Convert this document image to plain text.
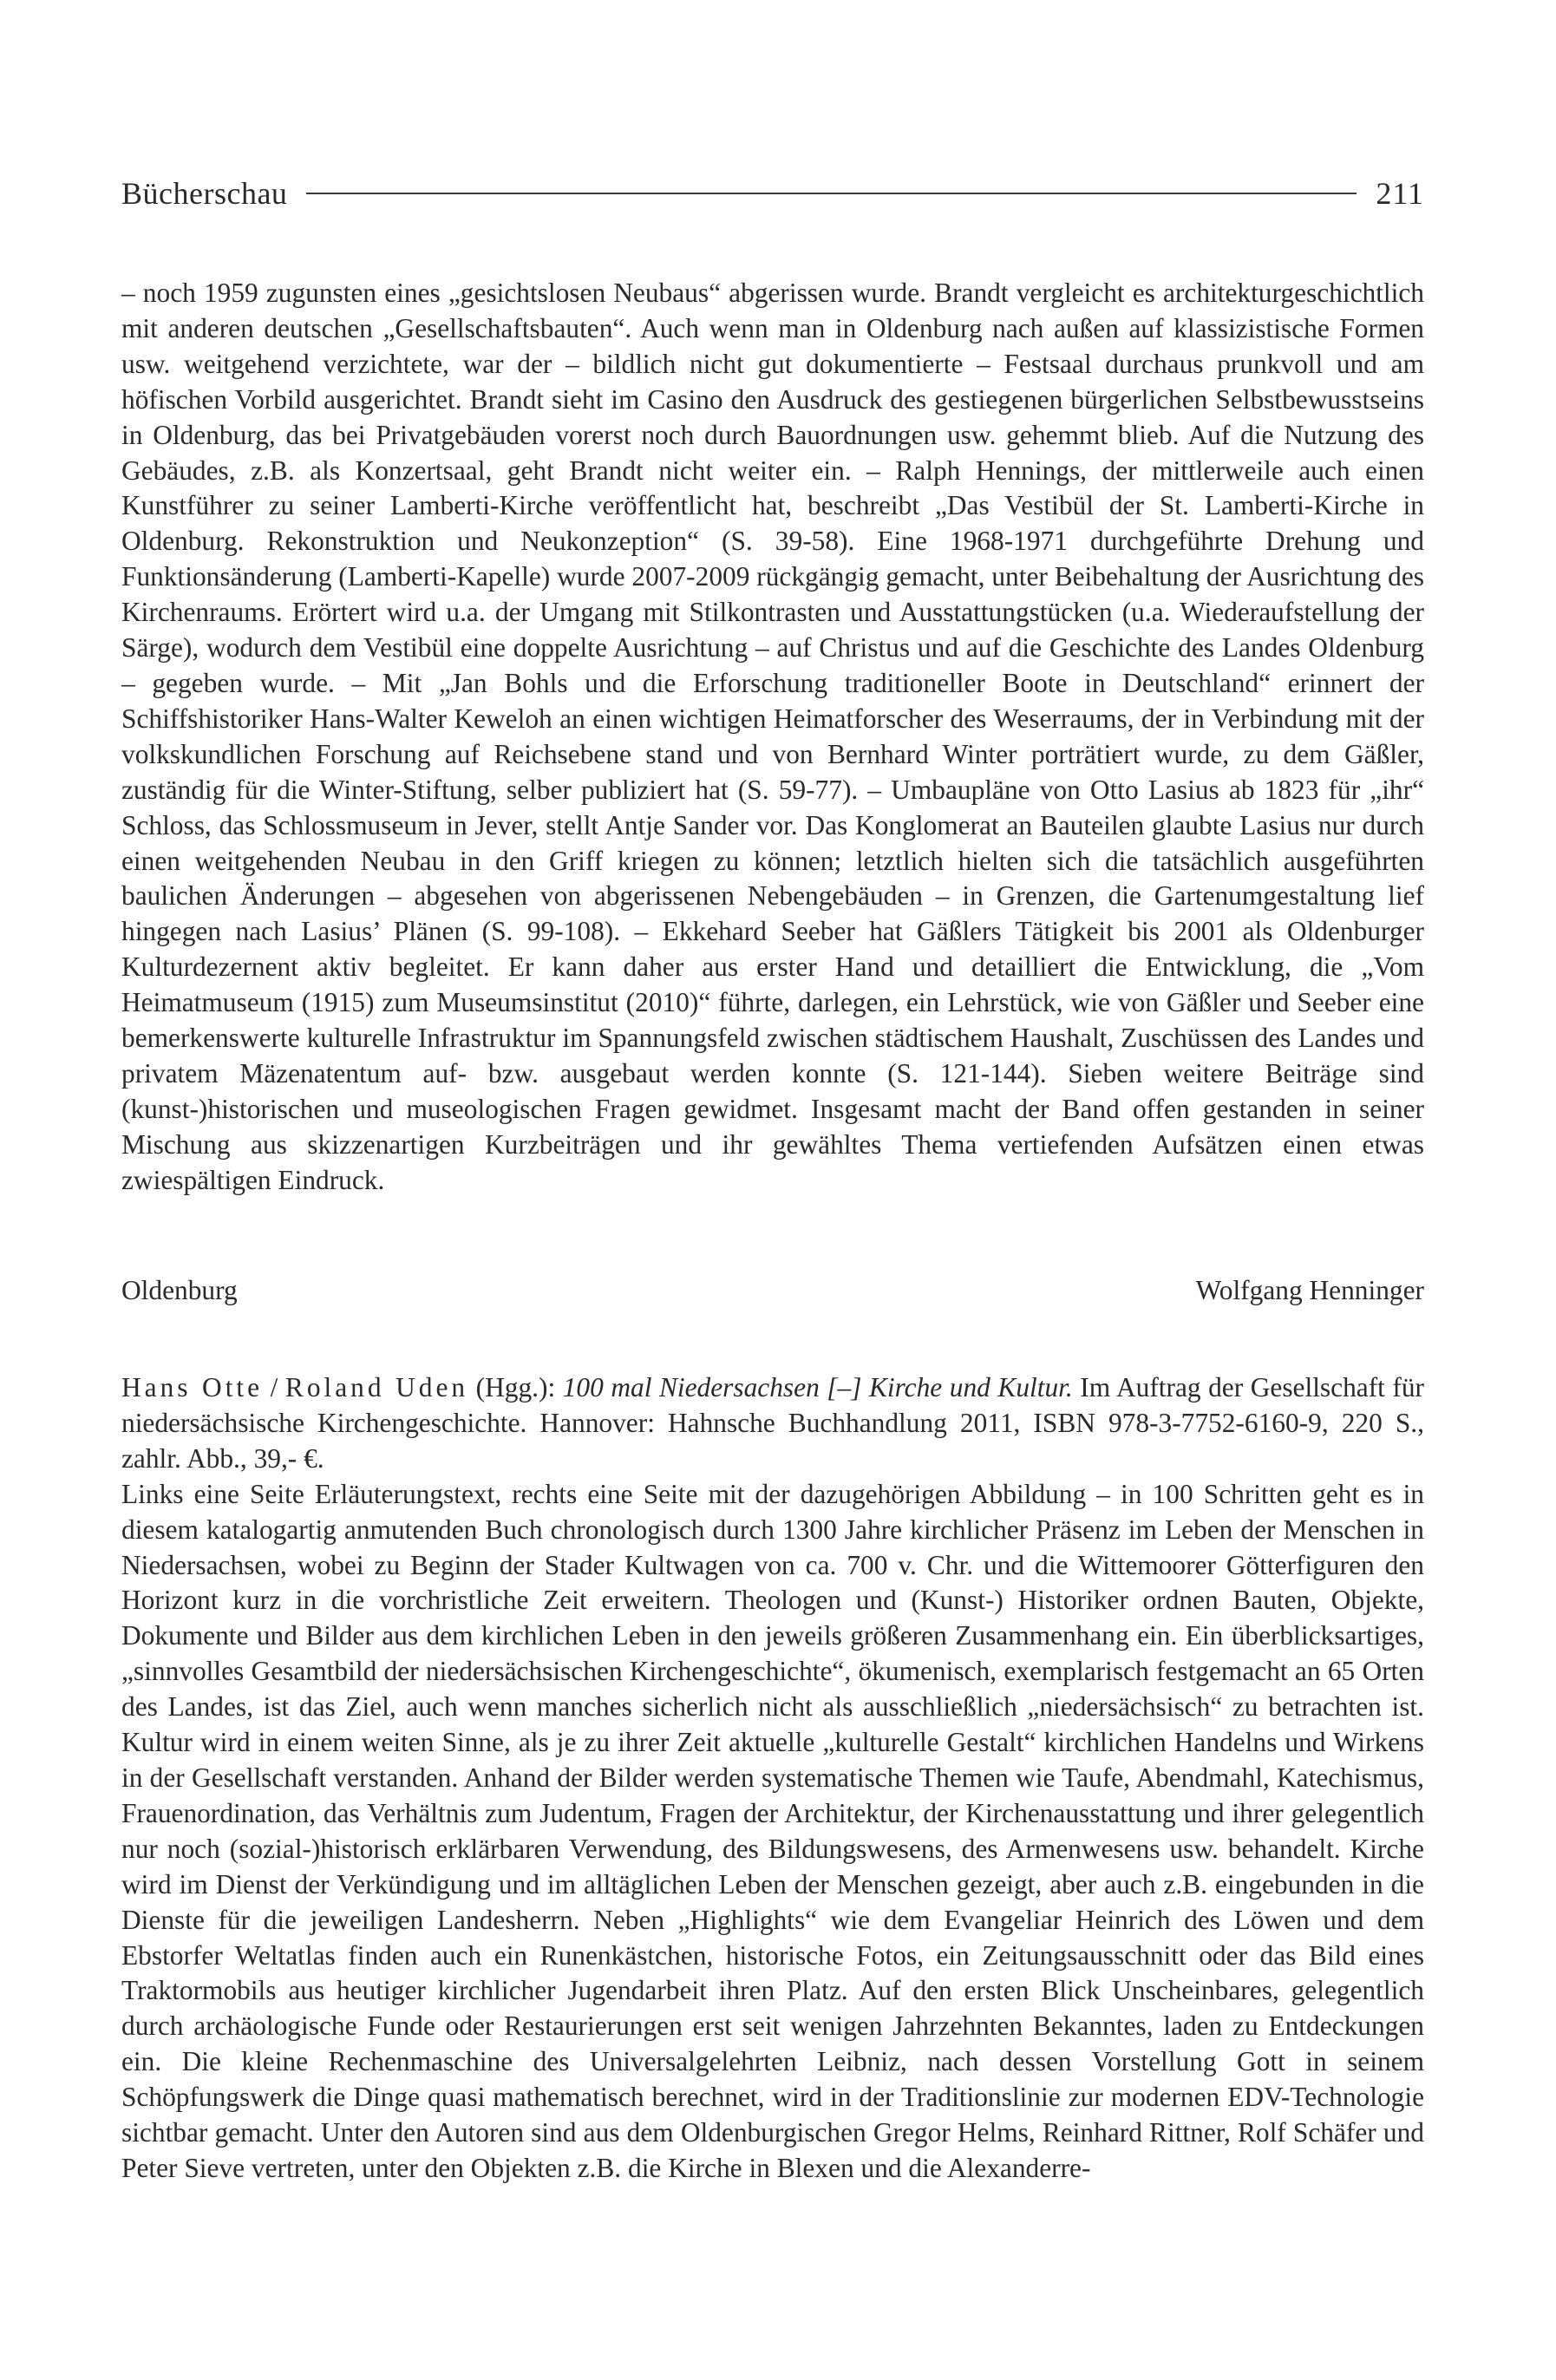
Bücherschau	211

– noch 1959 zugunsten eines „gesichtslosen Neubaus“ abgerissen wurde. Brandt vergleicht es architekturgeschichtlich mit anderen deutschen „Gesellschaftsbauten“. Auch wenn man in Oldenburg nach außen auf klassizistische Formen usw. weitgehend verzichtete, war der – bildlich nicht gut dokumentierte – Festsaal durchaus prunkvoll und am höfischen Vorbild ausgerichtet. Brandt sieht im Casino den Ausdruck des gestiegenen bürgerlichen Selbstbewusstseins in Oldenburg, das bei Privatgebäuden vorerst noch durch Bauordnungen usw. gehemmt blieb. Auf die Nutzung des Gebäudes, z.B. als Konzertsaal, geht Brandt nicht weiter ein. – Ralph Hennings, der mittlerweile auch einen Kunstführer zu seiner Lamberti-Kirche veröffentlicht hat, beschreibt „Das Vestibül der St. Lamberti-Kirche in Oldenburg. Rekonstruktion und Neukonzeption“ (S. 39-58). Eine 1968-1971 durchgeführte Drehung und Funktionsänderung (Lamberti-Kapelle) wurde 2007-2009 rückgängig gemacht, unter Beibehaltung der Ausrichtung des Kirchenraums. Erörtert wird u.a. der Umgang mit Stilkontrasten und Ausstattungstücken (u.a. Wiederaufstellung der Särge), wodurch dem Vestibül eine doppelte Ausrichtung – auf Christus und auf die Geschichte des Landes Oldenburg – gegeben wurde. – Mit „Jan Bohls und die Erforschung traditioneller Boote in Deutschland“ erinnert der Schiffshistoriker Hans-Walter Keweloh an einen wichtigen Heimatforscher des Weserraums, der in Verbindung mit der volkskundlichen Forschung auf Reichsebene stand und von Bernhard Winter porträtiert wurde, zu dem Gäßler, zuständig für die Winter-Stiftung, selber publiziert hat (S. 59-77). – Umbaupläne von Otto Lasius ab 1823 für „ihr“ Schloss, das Schlossmuseum in Jever, stellt Antje Sander vor. Das Konglomerat an Bauteilen glaubte Lasius nur durch einen weitgehenden Neubau in den Griff kriegen zu können; letztlich hielten sich die tatsächlich ausgeführten baulichen Änderungen – abgesehen von abgerissenen Nebengebäuden – in Grenzen, die Gartenumgestaltung lief hingegen nach Lasius’ Plänen (S. 99-108). – Ekkehard Seeber hat Gäßlers Tätigkeit bis 2001 als Oldenburger Kulturdezernent aktiv begleitet. Er kann daher aus erster Hand und detailliert die Entwicklung, die „Vom Heimatmuseum (1915) zum Museumsinstitut (2010)“ führte, darlegen, ein Lehrstück, wie von Gäßler und Seeber eine bemerkenswerte kulturelle Infrastruktur im Spannungsfeld zwischen städtischem Haushalt, Zuschüssen des Landes und privatem Mäzenatentum auf- bzw. ausgebaut werden konnte (S. 121-144). Sieben weitere Beiträge sind (kunst-)historischen und museologischen Fragen gewidmet. Insgesamt macht der Band offen gestanden in seiner Mischung aus skizzenartigen Kurzbeiträgen und ihr gewähltes Thema vertiefenden Aufsätzen einen etwas zwiespältigen Eindruck.

Oldenburg	Wolfgang Henninger

Hans Otte / Roland Uden (Hgg.): 100 mal Niedersachsen [–] Kirche und Kultur. Im Auftrag der Gesellschaft für niedersächsische Kirchengeschichte. Hannover: Hahnsche Buchhandlung 2011, ISBN 978-3-7752-6160-9, 220 S., zahlr. Abb., 39,- €.

Links eine Seite Erläuterungstext, rechts eine Seite mit der dazugehörigen Abbildung – in 100 Schritten geht es in diesem katalogartig anmutenden Buch chronologisch durch 1300 Jahre kirchlicher Präsenz im Leben der Menschen in Niedersachsen, wobei zu Beginn der Stader Kultwagen von ca. 700 v. Chr. und die Wittemoorer Götterfiguren den Horizont kurz in die vorchristliche Zeit erweitern. Theologen und (Kunst-) Historiker ordnen Bauten, Objekte, Dokumente und Bilder aus dem kirchlichen Leben in den jeweils größeren Zusammenhang ein. Ein überblicksartiges, „sinnvolles Gesamtbild der niedersächsischen Kirchengeschichte“, ökumenisch, exemplarisch festgemacht an 65 Orten des Landes, ist das Ziel, auch wenn manches sicherlich nicht als ausschließlich „niedersächsisch“ zu betrachten ist. Kultur wird in einem weiten Sinne, als je zu ihrer Zeit aktuelle „kulturelle Gestalt“ kirchlichen Handelns und Wirkens in der Gesellschaft verstanden. Anhand der Bilder werden systematische Themen wie Taufe, Abendmahl, Katechismus, Frauenordination, das Verhältnis zum Judentum, Fragen der Architektur, der Kirchenausstattung und ihrer gelegentlich nur noch (sozial-)historisch erklärbaren Verwendung, des Bildungswesens, des Armenwesens usw. behandelt. Kirche wird im Dienst der Verkündigung und im alltäglichen Leben der Menschen gezeigt, aber auch z.B. eingebunden in die Dienste für die jeweiligen Landesherrn. Neben „Highlights“ wie dem Evangeliar Heinrich des Löwen und dem Ebstorfer Weltatlas finden auch ein Runenkästchen, historische Fotos, ein Zeitungsausschnitt oder das Bild eines Traktormobils aus heutiger kirchlicher Jugendarbeit ihren Platz. Auf den ersten Blick Unscheinbares, gelegentlich durch archäologische Funde oder Restaurierungen erst seit wenigen Jahrzehnten Bekanntes, laden zu Entdeckungen ein. Die kleine Rechenmaschine des Universalgelehrten Leibniz, nach dessen Vorstellung Gott in seinem Schöpfungswerk die Dinge quasi mathematisch berechnet, wird in der Traditionslinie zur modernen EDV-Technologie sichtbar gemacht. Unter den Autoren sind aus dem Oldenburgischen Gregor Helms, Reinhard Rittner, Rolf Schäfer und Peter Sieve vertreten, unter den Objekten z.B. die Kirche in Blexen und die Alexanderre-
